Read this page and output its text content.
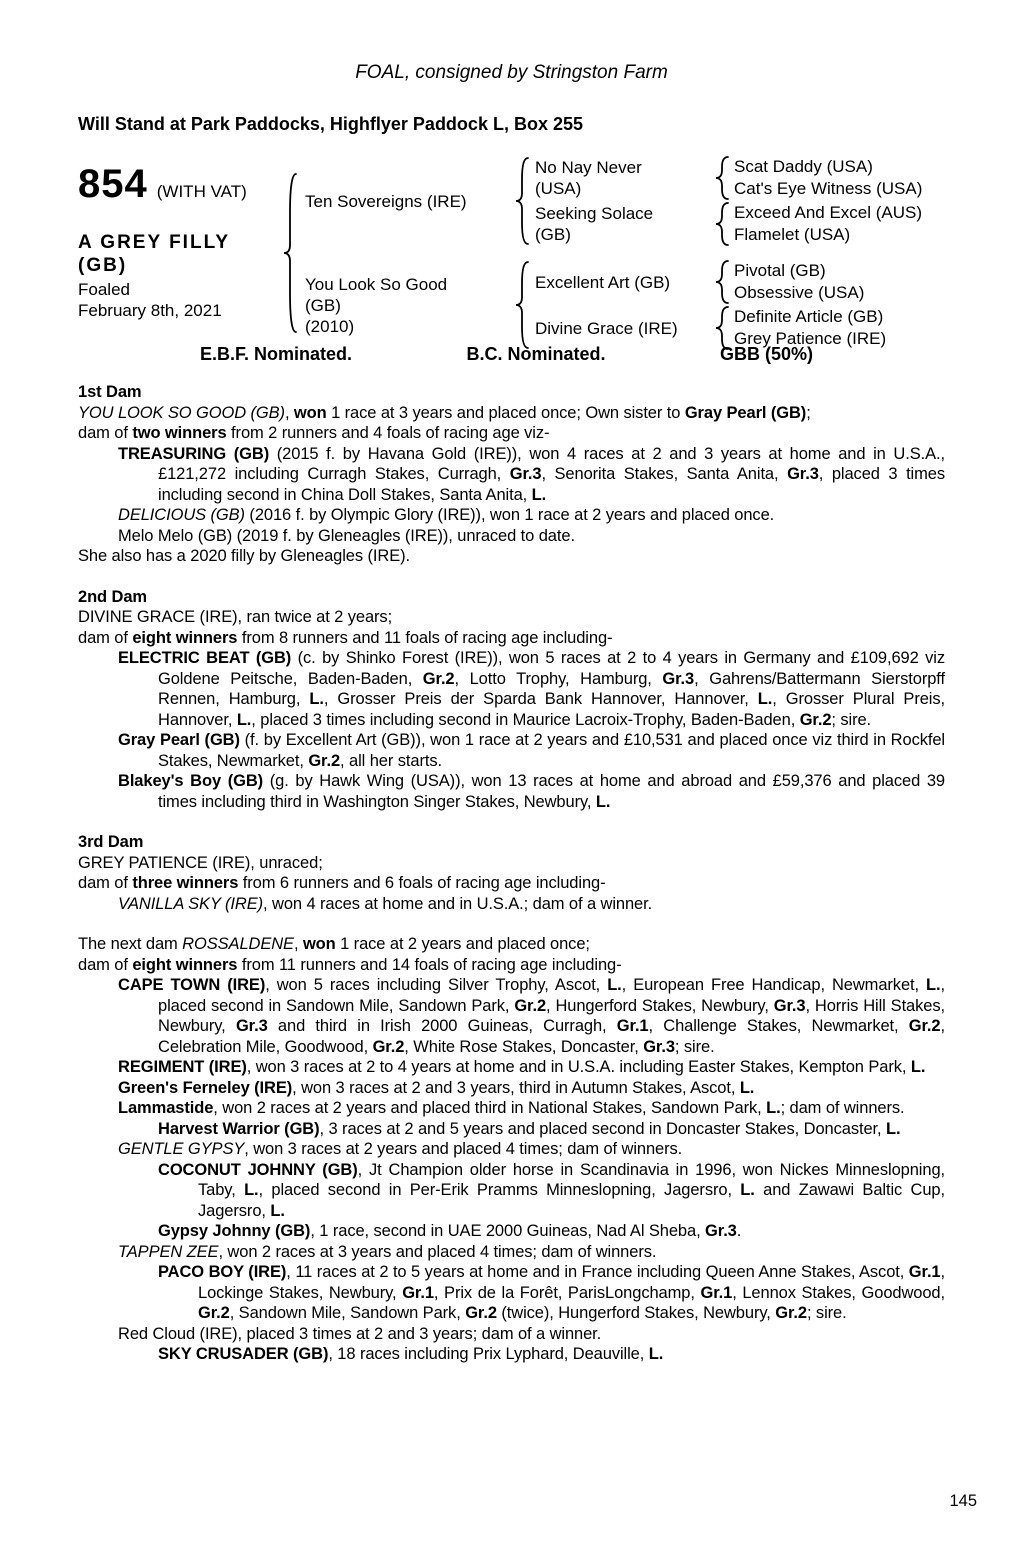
FOAL, consigned by Stringston Farm
Will Stand at Park Paddocks, Highflyer Paddock L, Box 255
854 (WITH VAT)
A GREY FILLY
(GB)
Foaled
February 8th, 2021
Ten Sovereigns (IRE)
No Nay Never
(USA)
Scat Daddy (USA)
Cat's Eye Witness (USA)
Seeking Solace
(GB)
Exceed And Excel (AUS)
Flamelet (USA)
You Look So Good
(GB)
(2010)
Excellent Art (GB)
Pivotal (GB)
Obsessive (USA)
Divine Grace (IRE)
Definite Article (GB)
Grey Patience (IRE)
E.B.F. Nominated.	B.C. Nominated.	GBB (50%)
1st Dam
YOU LOOK SO GOOD (GB), won 1 race at 3 years and placed once; Own sister to Gray Pearl (GB);
dam of two winners from 2 runners and 4 foals of racing age viz-
TREASURING (GB) (2015 f. by Havana Gold (IRE)), won 4 races at 2 and 3 years at home and in U.S.A., £121,272 including Curragh Stakes, Curragh, Gr.3, Senorita Stakes, Santa Anita, Gr.3, placed 3 times including second in China Doll Stakes, Santa Anita, L.
DELICIOUS (GB) (2016 f. by Olympic Glory (IRE)), won 1 race at 2 years and placed once.
Melo Melo (GB) (2019 f. by Gleneagles (IRE)), unraced to date.
She also has a 2020 filly by Gleneagles (IRE).
2nd Dam
DIVINE GRACE (IRE), ran twice at 2 years;
dam of eight winners from 8 runners and 11 foals of racing age including-
ELECTRIC BEAT (GB) (c. by Shinko Forest (IRE)), won 5 races at 2 to 4 years in Germany and £109,692 viz Goldene Peitsche, Baden-Baden, Gr.2, Lotto Trophy, Hamburg, Gr.3, Gahrens/Battermann Sierstorpff Rennen, Hamburg, L., Grosser Preis der Sparda Bank Hannover, Hannover, L., Grosser Plural Preis, Hannover, L., placed 3 times including second in Maurice Lacroix-Trophy, Baden-Baden, Gr.2; sire.
Gray Pearl (GB) (f. by Excellent Art (GB)), won 1 race at 2 years and £10,531 and placed once viz third in Rockfel Stakes, Newmarket, Gr.2, all her starts.
Blakey's Boy (GB) (g. by Hawk Wing (USA)), won 13 races at home and abroad and £59,376 and placed 39 times including third in Washington Singer Stakes, Newbury, L.
3rd Dam
GREY PATIENCE (IRE), unraced;
dam of three winners from 6 runners and 6 foals of racing age including-
VANILLA SKY (IRE), won 4 races at home and in U.S.A.; dam of a winner.
The next dam ROSSALDENE, won 1 race at 2 years and placed once;
dam of eight winners from 11 runners and 14 foals of racing age including-
CAPE TOWN (IRE), won 5 races including Silver Trophy, Ascot, L., European Free Handicap, Newmarket, L., placed second in Sandown Mile, Sandown Park, Gr.2, Hungerford Stakes, Newbury, Gr.3, Horris Hill Stakes, Newbury, Gr.3 and third in Irish 2000 Guineas, Curragh, Gr.1, Challenge Stakes, Newmarket, Gr.2, Celebration Mile, Goodwood, Gr.2, White Rose Stakes, Doncaster, Gr.3; sire.
REGIMENT (IRE), won 3 races at 2 to 4 years at home and in U.S.A. including Easter Stakes, Kempton Park, L.
Green's Ferneley (IRE), won 3 races at 2 and 3 years, third in Autumn Stakes, Ascot, L.
Lammastide, won 2 races at 2 years and placed third in National Stakes, Sandown Park, L.; dam of winners.
Harvest Warrior (GB), 3 races at 2 and 5 years and placed second in Doncaster Stakes, Doncaster, L.
GENTLE GYPSY, won 3 races at 2 years and placed 4 times; dam of winners.
COCONUT JOHNNY (GB), Jt Champion older horse in Scandinavia in 1996, won Nickes Minneslopning, Taby, L., placed second in Per-Erik Pramms Minneslopning, Jagersro, L. and Zawawi Baltic Cup, Jagersro, L.
Gypsy Johnny (GB), 1 race, second in UAE 2000 Guineas, Nad Al Sheba, Gr.3.
TAPPEN ZEE, won 2 races at 3 years and placed 4 times; dam of winners.
PACO BOY (IRE), 11 races at 2 to 5 years at home and in France including Queen Anne Stakes, Ascot, Gr.1, Lockinge Stakes, Newbury, Gr.1, Prix de la Forêt, ParisLongchamp, Gr.1, Lennox Stakes, Goodwood, Gr.2, Sandown Mile, Sandown Park, Gr.2 (twice), Hungerford Stakes, Newbury, Gr.2; sire.
Red Cloud (IRE), placed 3 times at 2 and 3 years; dam of a winner.
SKY CRUSADER (GB), 18 races including Prix Lyphard, Deauville, L.
145
